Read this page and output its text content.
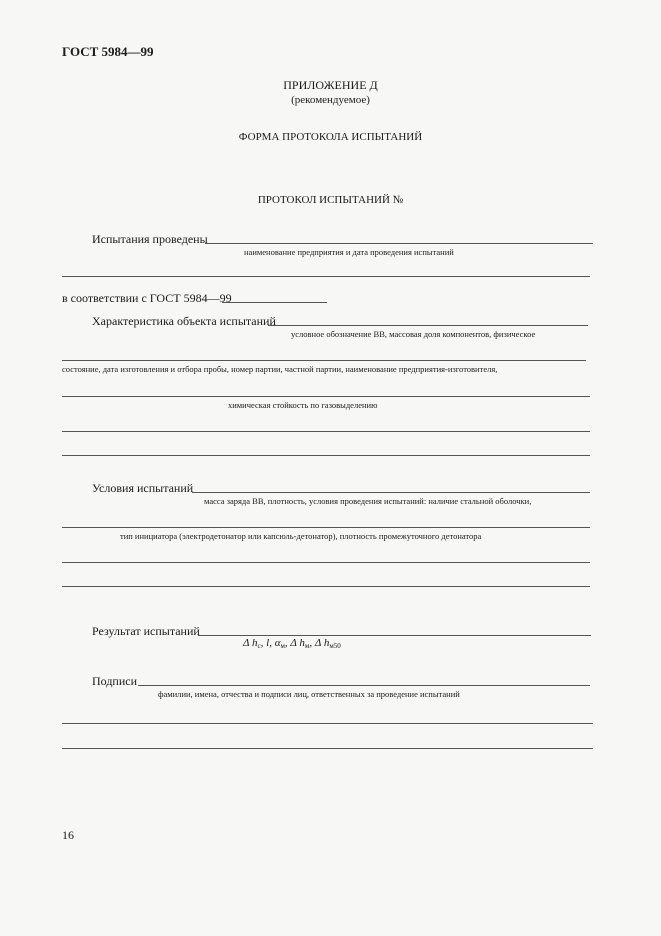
ГОСТ 5984—99
ПРИЛОЖЕНИЕ Д
(рекомендуемое)
ФОРМА ПРОТОКОЛА ИСПЫТАНИЙ
ПРОТОКОЛ ИСПЫТАНИЙ №
Испытания проведены
наименование предприятия и дата проведения испытаний
в соответствии с ГОСТ 5984—99
Характеристика объекта испытаний
условное обозначение ВВ, массовая доля компонентов, физическое
состояние, дата изготовления и отбора пробы, номер партии, частной партии, наименование предприятия-изготовителя,
химическая стойкость по газовыделению
Условия испытаний
масса заряда ВВ, плотность, условия проведения испытаний: наличие стальной оболочки,
тип инициатора (электродетонатор или капсюль-детонатор), плотность промежуточного детонатора
Результат испытаний
Δ $h_с$, l, $\alpha_м$, Δ $h_м$, Δ $h_{м50}$
Подписи
фамилии, имена, отчества и подписи лиц, ответственных за проведение испытаний
16
